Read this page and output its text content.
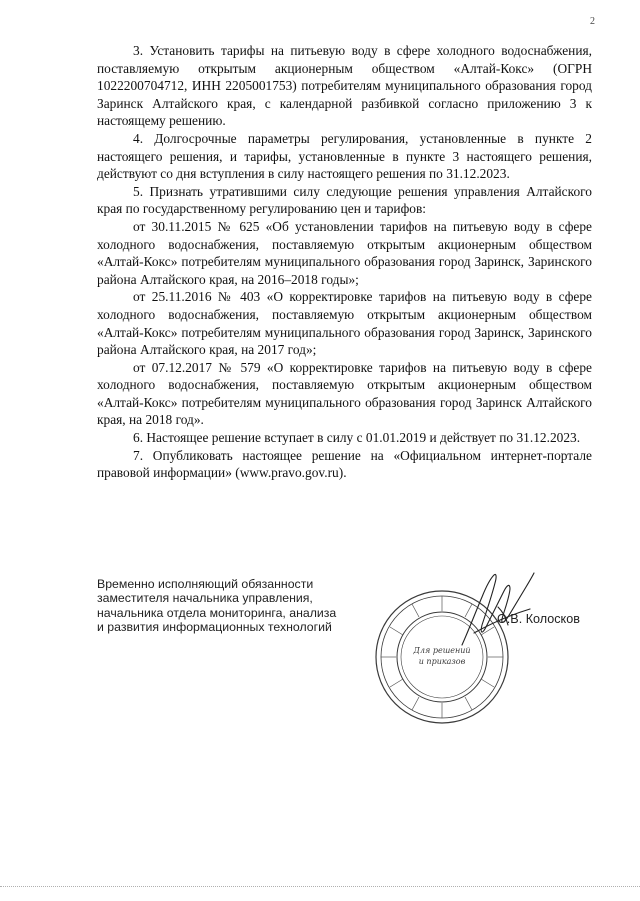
2

3. Установить тарифы на питьевую воду в сфере холодного водоснабжения, поставляемую открытым акционерным обществом «Алтай-Кокс» (ОГРН 1022200704712, ИНН 2205001753) потребителям муниципального образования город Заринск Алтайского края, с календарной разбивкой согласно приложению 3 к настоящему решению.

4. Долгосрочные параметры регулирования, установленные в пункте 2 настоящего решения, и тарифы, установленные в пункте 3 настоящего решения, действуют со дня вступления в силу настоящего решения по 31.12.2023.

5. Признать утратившими силу следующие решения управления Алтайского края по государственному регулированию цен и тарифов:

от 30.11.2015 № 625 «Об установлении тарифов на питьевую воду в сфере холодного водоснабжения, поставляемую открытым акционерным обществом «Алтай-Кокс» потребителям муниципального образования город Заринск, Заринского района Алтайского края, на 2016–2018 годы»;

от 25.11.2016 № 403 «О корректировке тарифов на питьевую воду в сфере холодного водоснабжения, поставляемую открытым акционерным обществом «Алтай-Кокс» потребителям муниципального образования город Заринск, Заринского района Алтайского края, на 2017 год»;

от 07.12.2017 № 579 «О корректировке тарифов на питьевую воду в сфере холодного водоснабжения, поставляемую открытым акционерным обществом «Алтай-Кокс» потребителям муниципального образования город Заринск Алтайского края, на 2018 год».

6. Настоящее решение вступает в силу с 01.01.2019 и действует по 31.12.2023.

7. Опубликовать настоящее решение на «Официальном интернет-портале правовой информации» (www.pravo.gov.ru).

Временно исполняющий обязанности
заместителя начальника управления,
начальника отдела мониторинга, анализа
и развития информационных технологий
Для решений
и приказов
О.В. Колосков
